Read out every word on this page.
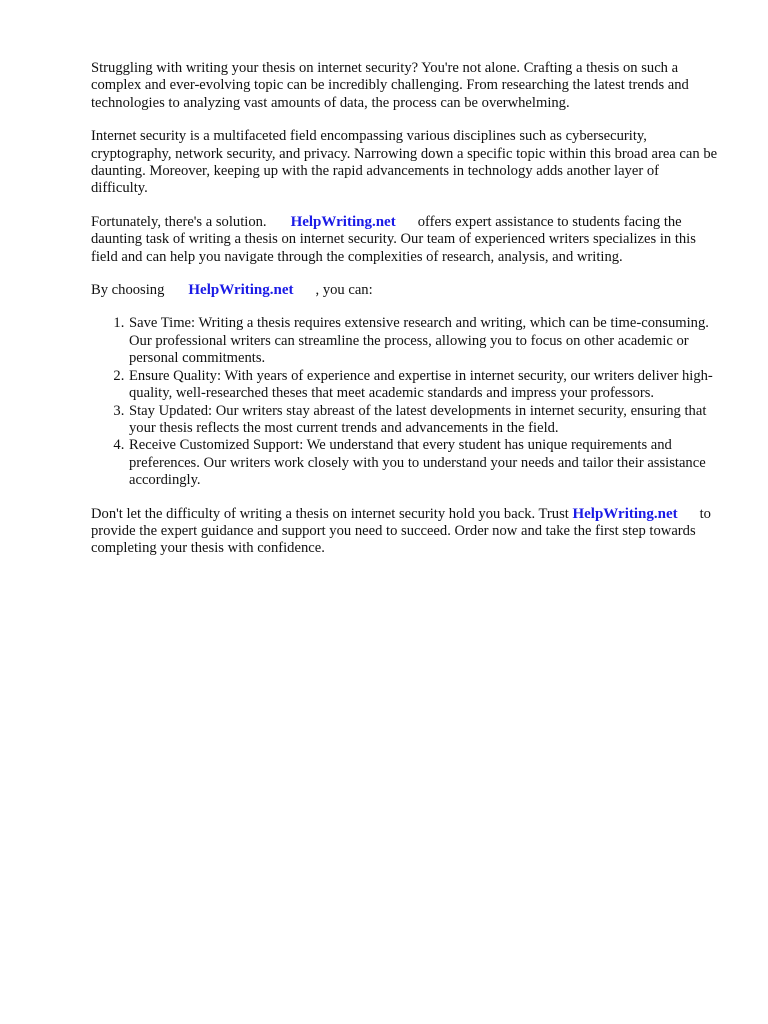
Struggling with writing your thesis on internet security? You're not alone. Crafting a thesis on such a complex and ever-evolving topic can be incredibly challenging. From researching the latest trends and technologies to analyzing vast amounts of data, the process can be overwhelming.

Internet security is a multifaceted field encompassing various disciplines such as cybersecurity, cryptography, network security, and privacy. Narrowing down a specific topic within this broad area can be daunting. Moreover, keeping up with the rapid advancements in technology adds another layer of difficulty.

Fortunately, there's a solution. HelpWriting.net offers expert assistance to students facing the daunting task of writing a thesis on internet security. Our team of experienced writers specializes in this field and can help you navigate through the complexities of research, analysis, and writing.

By choosing HelpWriting.net , you can:

1. Save Time: Writing a thesis requires extensive research and writing, which can be time-consuming. Our professional writers can streamline the process, allowing you to focus on other academic or personal commitments.
2. Ensure Quality: With years of experience and expertise in internet security, our writers deliver high-quality, well-researched theses that meet academic standards and impress your professors.
3. Stay Updated: Our writers stay abreast of the latest developments in internet security, ensuring that your thesis reflects the most current trends and advancements in the field.
4. Receive Customized Support: We understand that every student has unique requirements and preferences. Our writers work closely with you to understand your needs and tailor their assistance accordingly.

Don't let the difficulty of writing a thesis on internet security hold you back. Trust HelpWriting.net to provide the expert guidance and support you need to succeed. Order now and take the first step towards completing your thesis with confidence.
